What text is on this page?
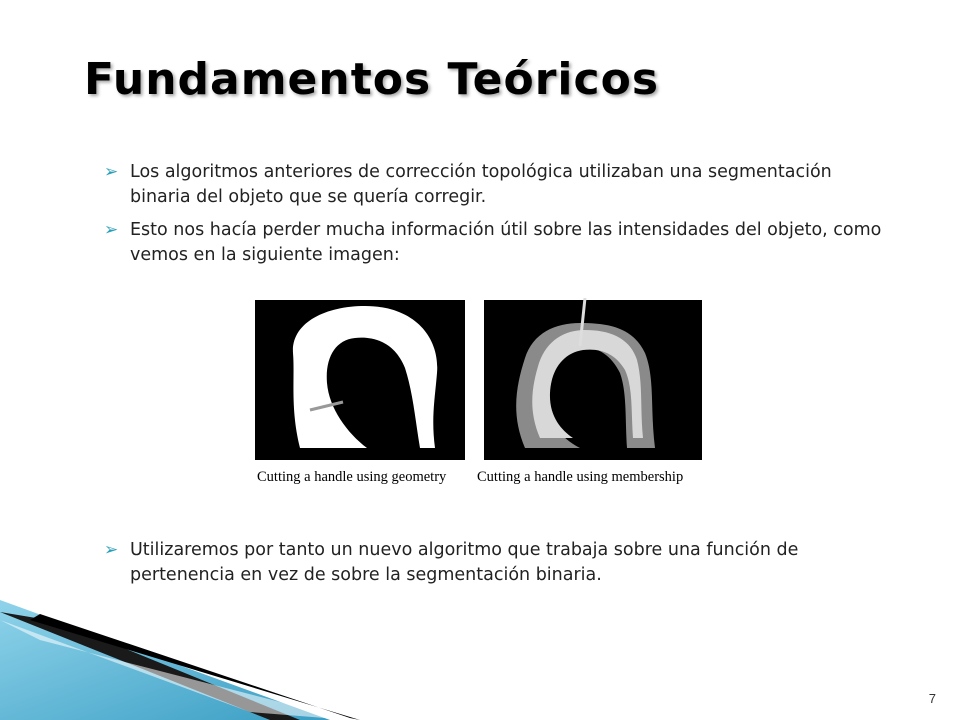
Fundamentos Teóricos
➢ Los algoritmos anteriores de corrección topológica utilizaban una segmentación binaria del objeto que se quería corregir.
➢ Esto nos hacía perder mucha información útil sobre las intensidades del objeto, como vemos en la siguiente imagen:
Cutting a handle using geometry Cutting a handle using membership
➢ Utilizaremos por tanto un nuevo algoritmo que trabaja sobre una función de pertenencia en vez de sobre la segmentación binaria.
7
